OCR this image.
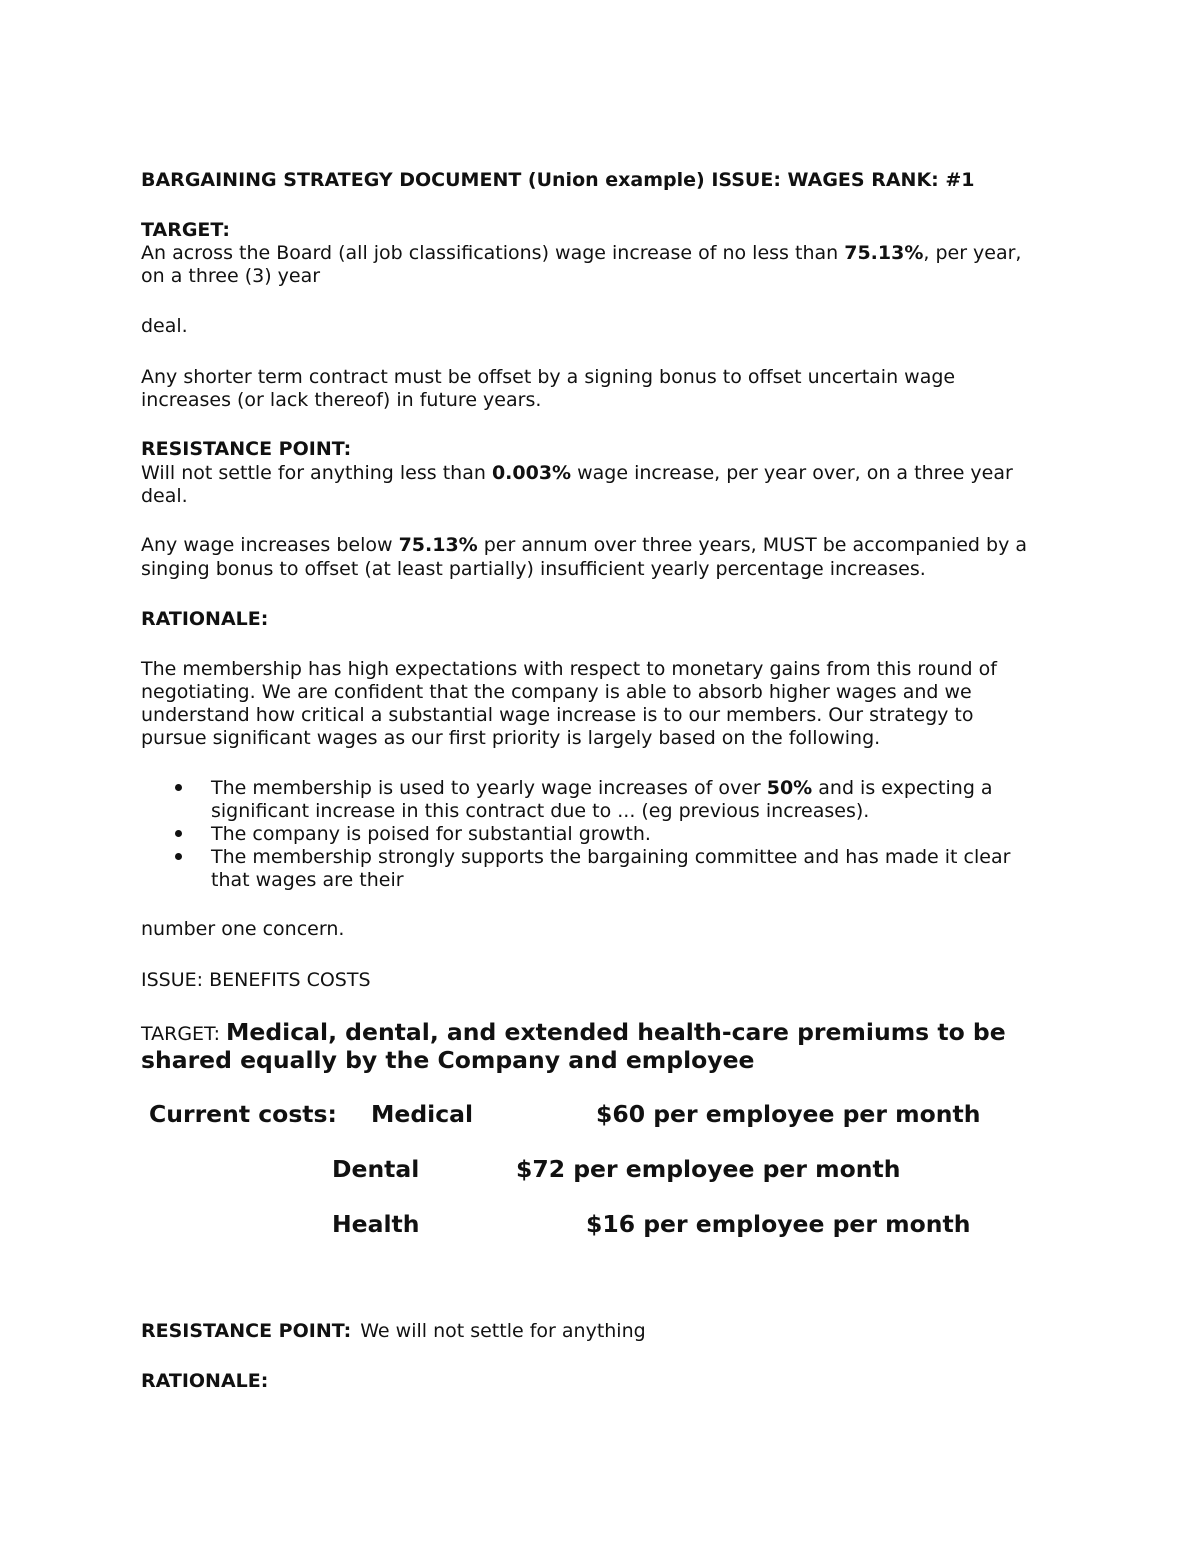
BARGAINING STRATEGY DOCUMENT (Union example) ISSUE: WAGES RANK: #1
TARGET:
An across the Board (all job classifications) wage increase of no less than 75.13%, per year,
on a three (3) year
deal.
Any shorter term contract must be offset by a signing bonus to offset uncertain wage
increases (or lack thereof) in future years.
RESISTANCE POINT:
Will not settle for anything less than 0.003% wage increase, per year over, on a three year
deal.
Any wage increases below 75.13% per annum over three years, MUST be accompanied by a
singing bonus to offset (at least partially) insufficient yearly percentage increases.
RATIONALE:
The membership has high expectations with respect to monetary gains from this round of
negotiating. We are confident that the company is able to absorb higher wages and we
understand how critical a substantial wage increase is to our members. Our strategy to
pursue significant wages as our first priority is largely based on the following.
The membership is used to yearly wage increases of over 50% and is expecting a
significant increase in this contract due to ... (eg previous increases).
The company is poised for substantial growth.
The membership strongly supports the bargaining committee and has made it clear
that wages are their
number one concern.
ISSUE: BENEFITS COSTS
TARGET: Medical, dental, and extended health-care premiums to be
shared equally by the Company and employee
Current costs: Medical	$60 per employee per month
Dental	$72 per employee per month
Health	$16 per employee per month
RESISTANCE POINT: We will not settle for anything
RATIONALE:
